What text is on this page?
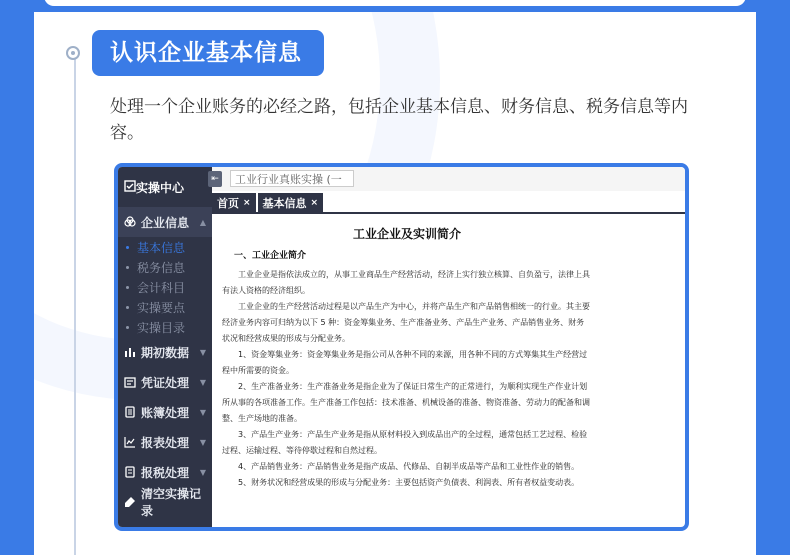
认识企业基本信息
处理一个企业账务的必经之路，包括企业基本信息、财务信息、税务信息等内容。
实操中心
企业信息 ▲
基本信息
税务信息
会计科目
实操要点
实操目录
期初数据 ▼
凭证处理 ▼
账簿处理 ▼
报表处理 ▼
报税处理 ▼
清空实操记录
⇤	工业行业真账实操 (一
首页 × 基本信息 ×
工业企业及实训简介
一、工业企业简介

工业企业是指依法成立的，从事工业商品生产经营活动，经济上实行独立核算、自负盈亏，法律上具有法人资格的经济组织。

工业企业的生产经营活动过程是以产品生产为中心，并将产品生产和产品销售相统一的行业。其主要经济业务内容可归纳为以下 5 种：资金筹集业务、生产准备业务、产品生产业务、产品销售业务、财务状况和经营成果的形成与分配业务。

1、资金筹集业务：资金筹集业务是指公司从各种不同的来源，用各种不同的方式筹集其生产经营过程中所需要的资金。

2、生产准备业务：生产准备业务是指企业为了保证日常生产的正常进行，为顺利实现生产作业计划所从事的各项准备工作。生产准备工作包括：技术准备、机械设备的准备、物资准备、劳动力的配备和调整、生产场地的准备。

3、产品生产业务：产品生产业务是指从原材料投入到成品出产的全过程，通常包括工艺过程、检验过程、运输过程、等待停歇过程和自然过程。

4、产品销售业务：产品销售业务是指产成品、代修品、自制半成品等产品和工业性作业的销售。

5、财务状况和经营成果的形成与分配业务：主要包括资产负债表、利润表、所有者权益变动表。
